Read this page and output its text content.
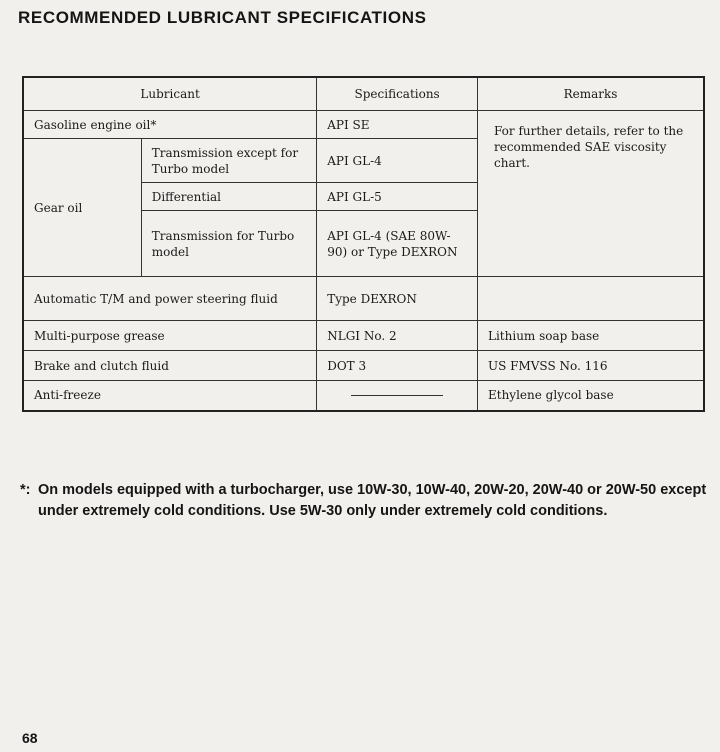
RECOMMENDED LUBRICANT SPECIFICATIONS
Lubricant		Specifications	Remarks
Gasoline engine oil*		API SE	For further details, refer to the recommended SAE viscosity chart.
Gear oil	Transmission except for Turbo model	API GL-4	
	Differential	API GL-5	
	Transmission for Turbo model	API GL-4 (SAE 80W-90) or Type DEXRON	
Automatic T/M and power steering fluid		Type DEXRON	
Multi-purpose grease		NLGI No. 2	Lithium soap base
Brake and clutch fluid		DOT 3	US FMVSS No. 116
Anti-freeze			Ethylene glycol base
*: On models equipped with a turbocharger, use 10W-30, 10W-40, 20W-20, 20W-40 or 20W-50 except under extremely cold conditions. Use 5W-30 only under extremely cold conditions.
68
